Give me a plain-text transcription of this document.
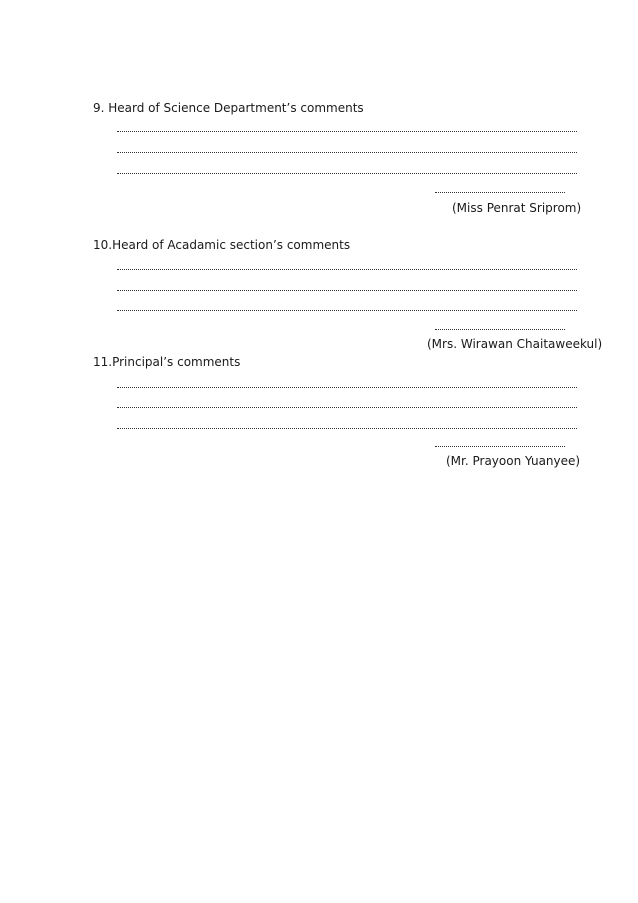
9. Heard of Science Department’s comments
(Miss Penrat Sriprom)
10.Heard of Acadamic section’s comments
(Mrs. Wirawan Chaitaweekul)
11.Principal’s comments
(Mr. Prayoon Yuanyee)
